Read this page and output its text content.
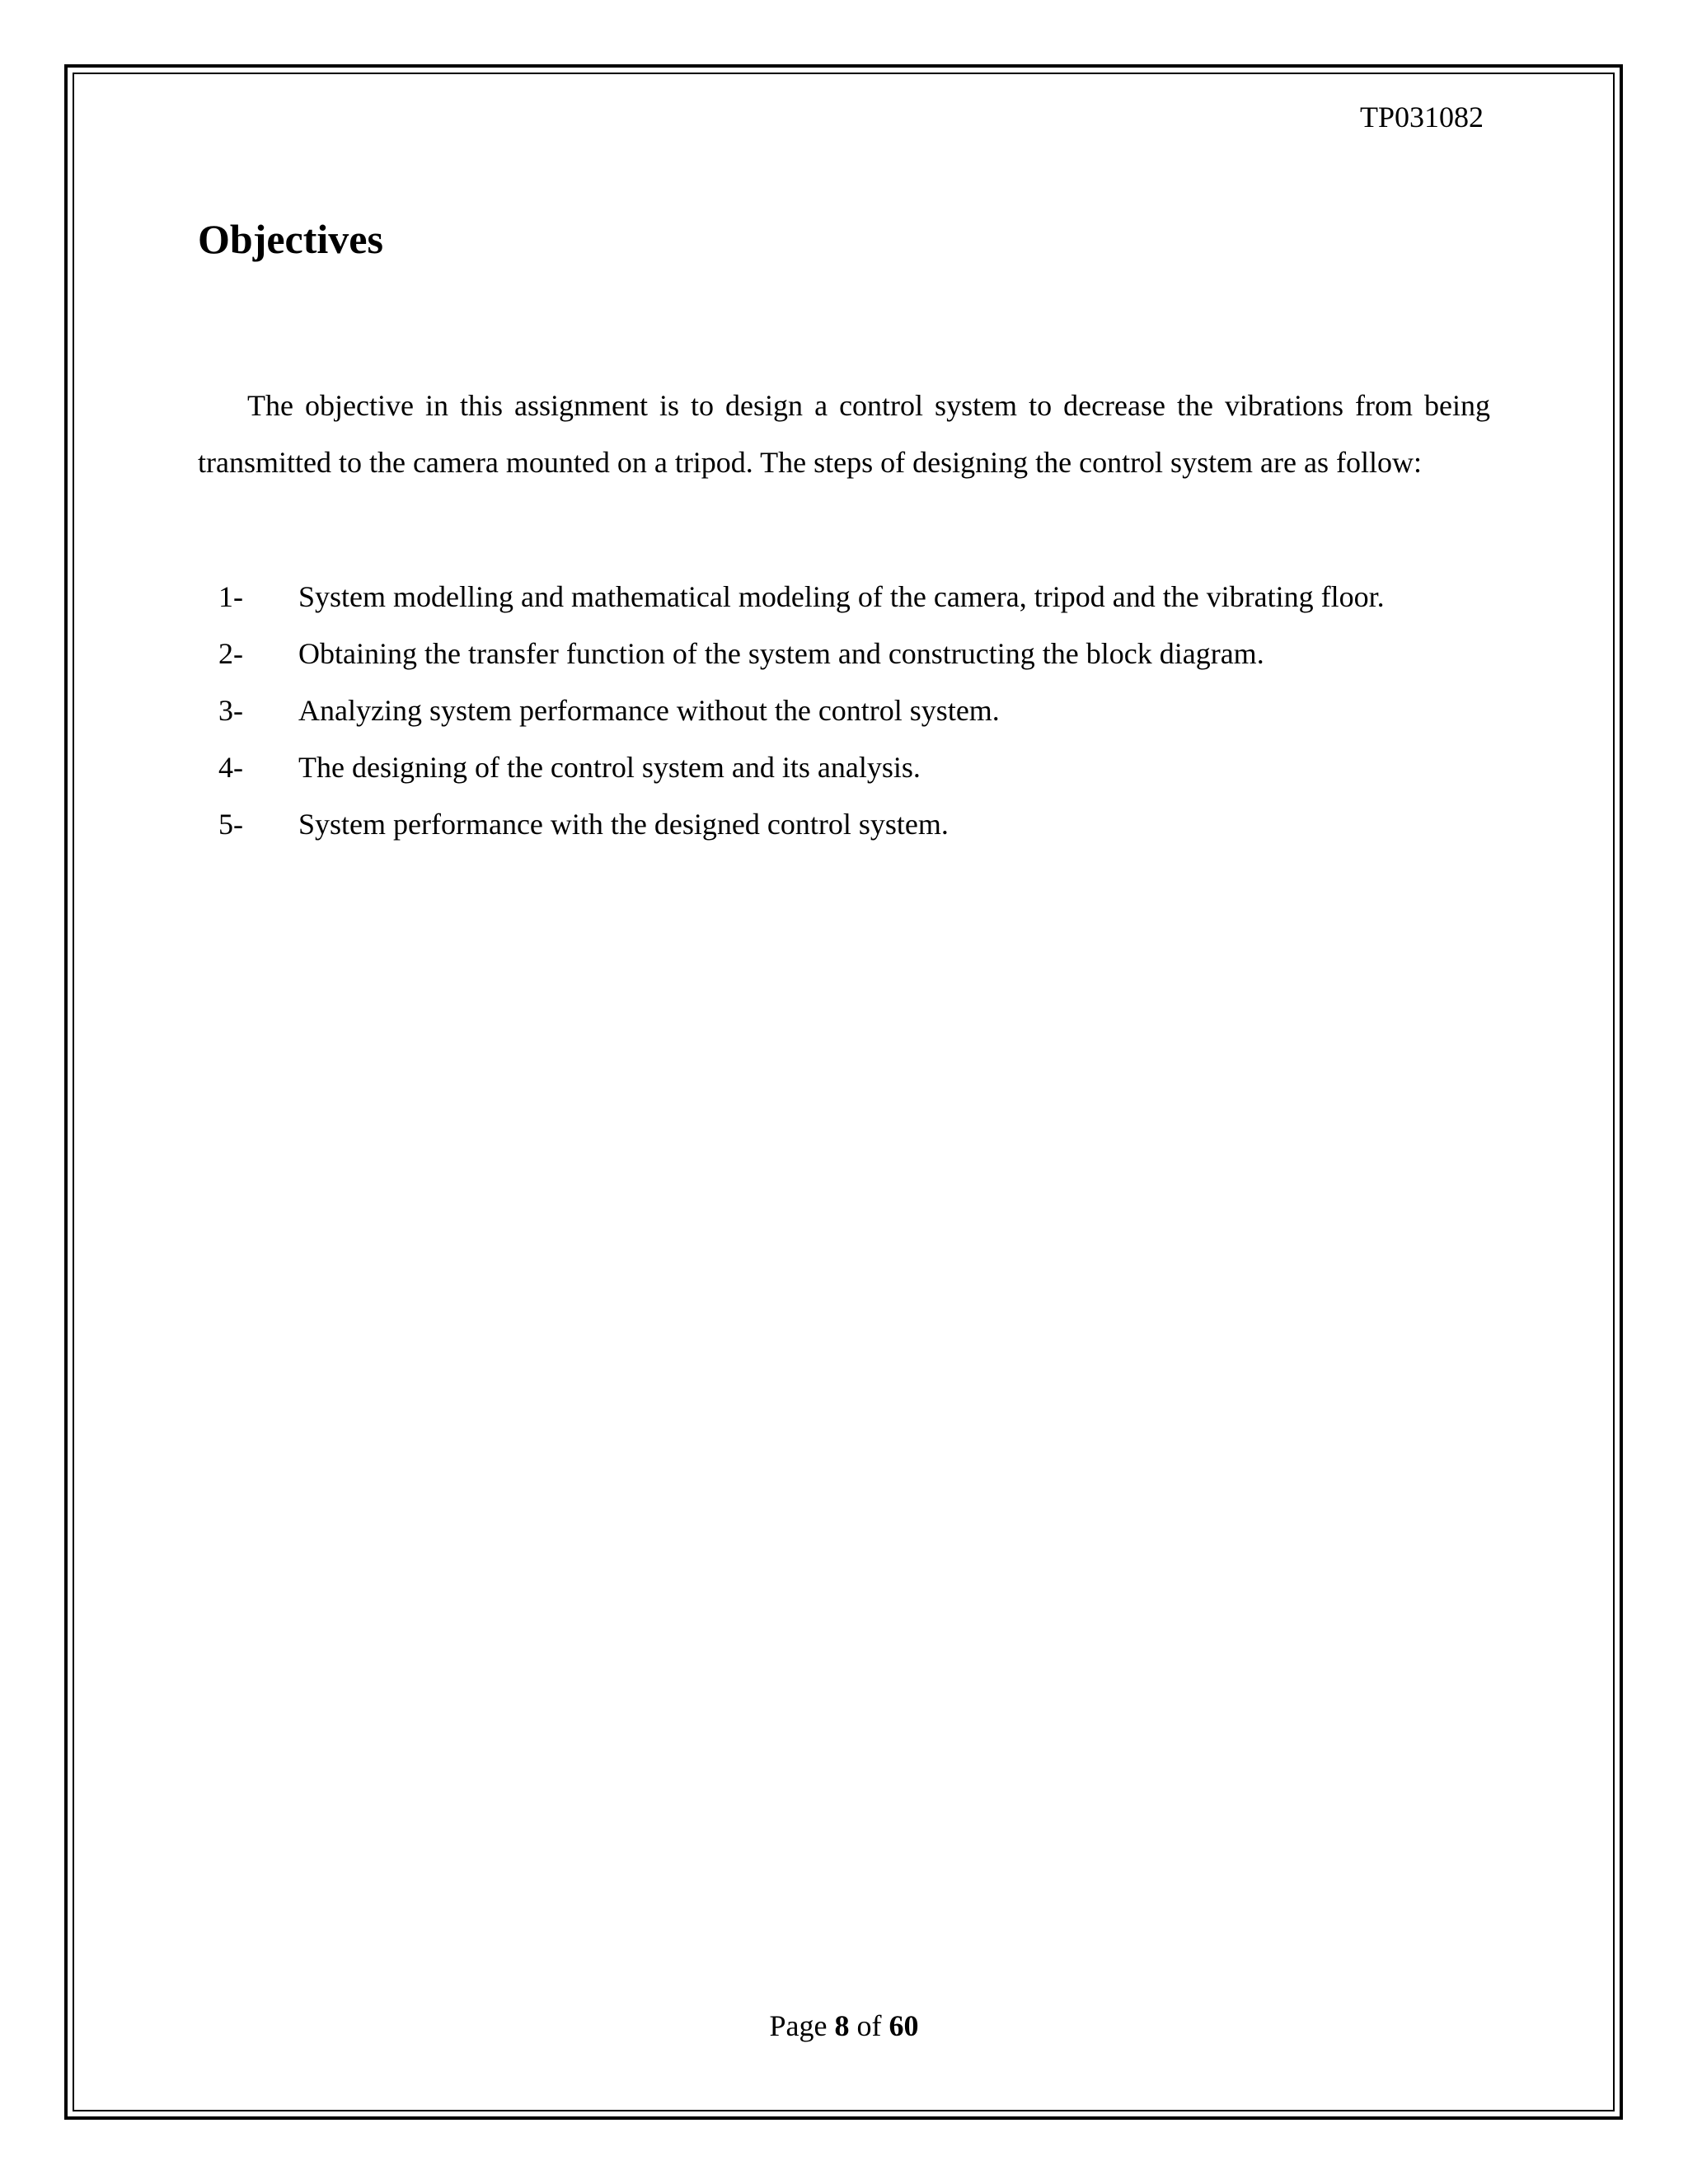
TP031082
Objectives

The objective in this assignment is to design a control system to decrease the vibrations from being transmitted to the camera mounted on a tripod. The steps of designing the control system are as follow:

1-	System modelling and mathematical modeling of the camera, tripod and the vibrating floor.
2-	Obtaining the transfer function of the system and constructing the block diagram.
3-	Analyzing system performance without the control system.
4-	The designing of the control system and its analysis.
5-	System performance with the designed control system.
Page 8 of 60
